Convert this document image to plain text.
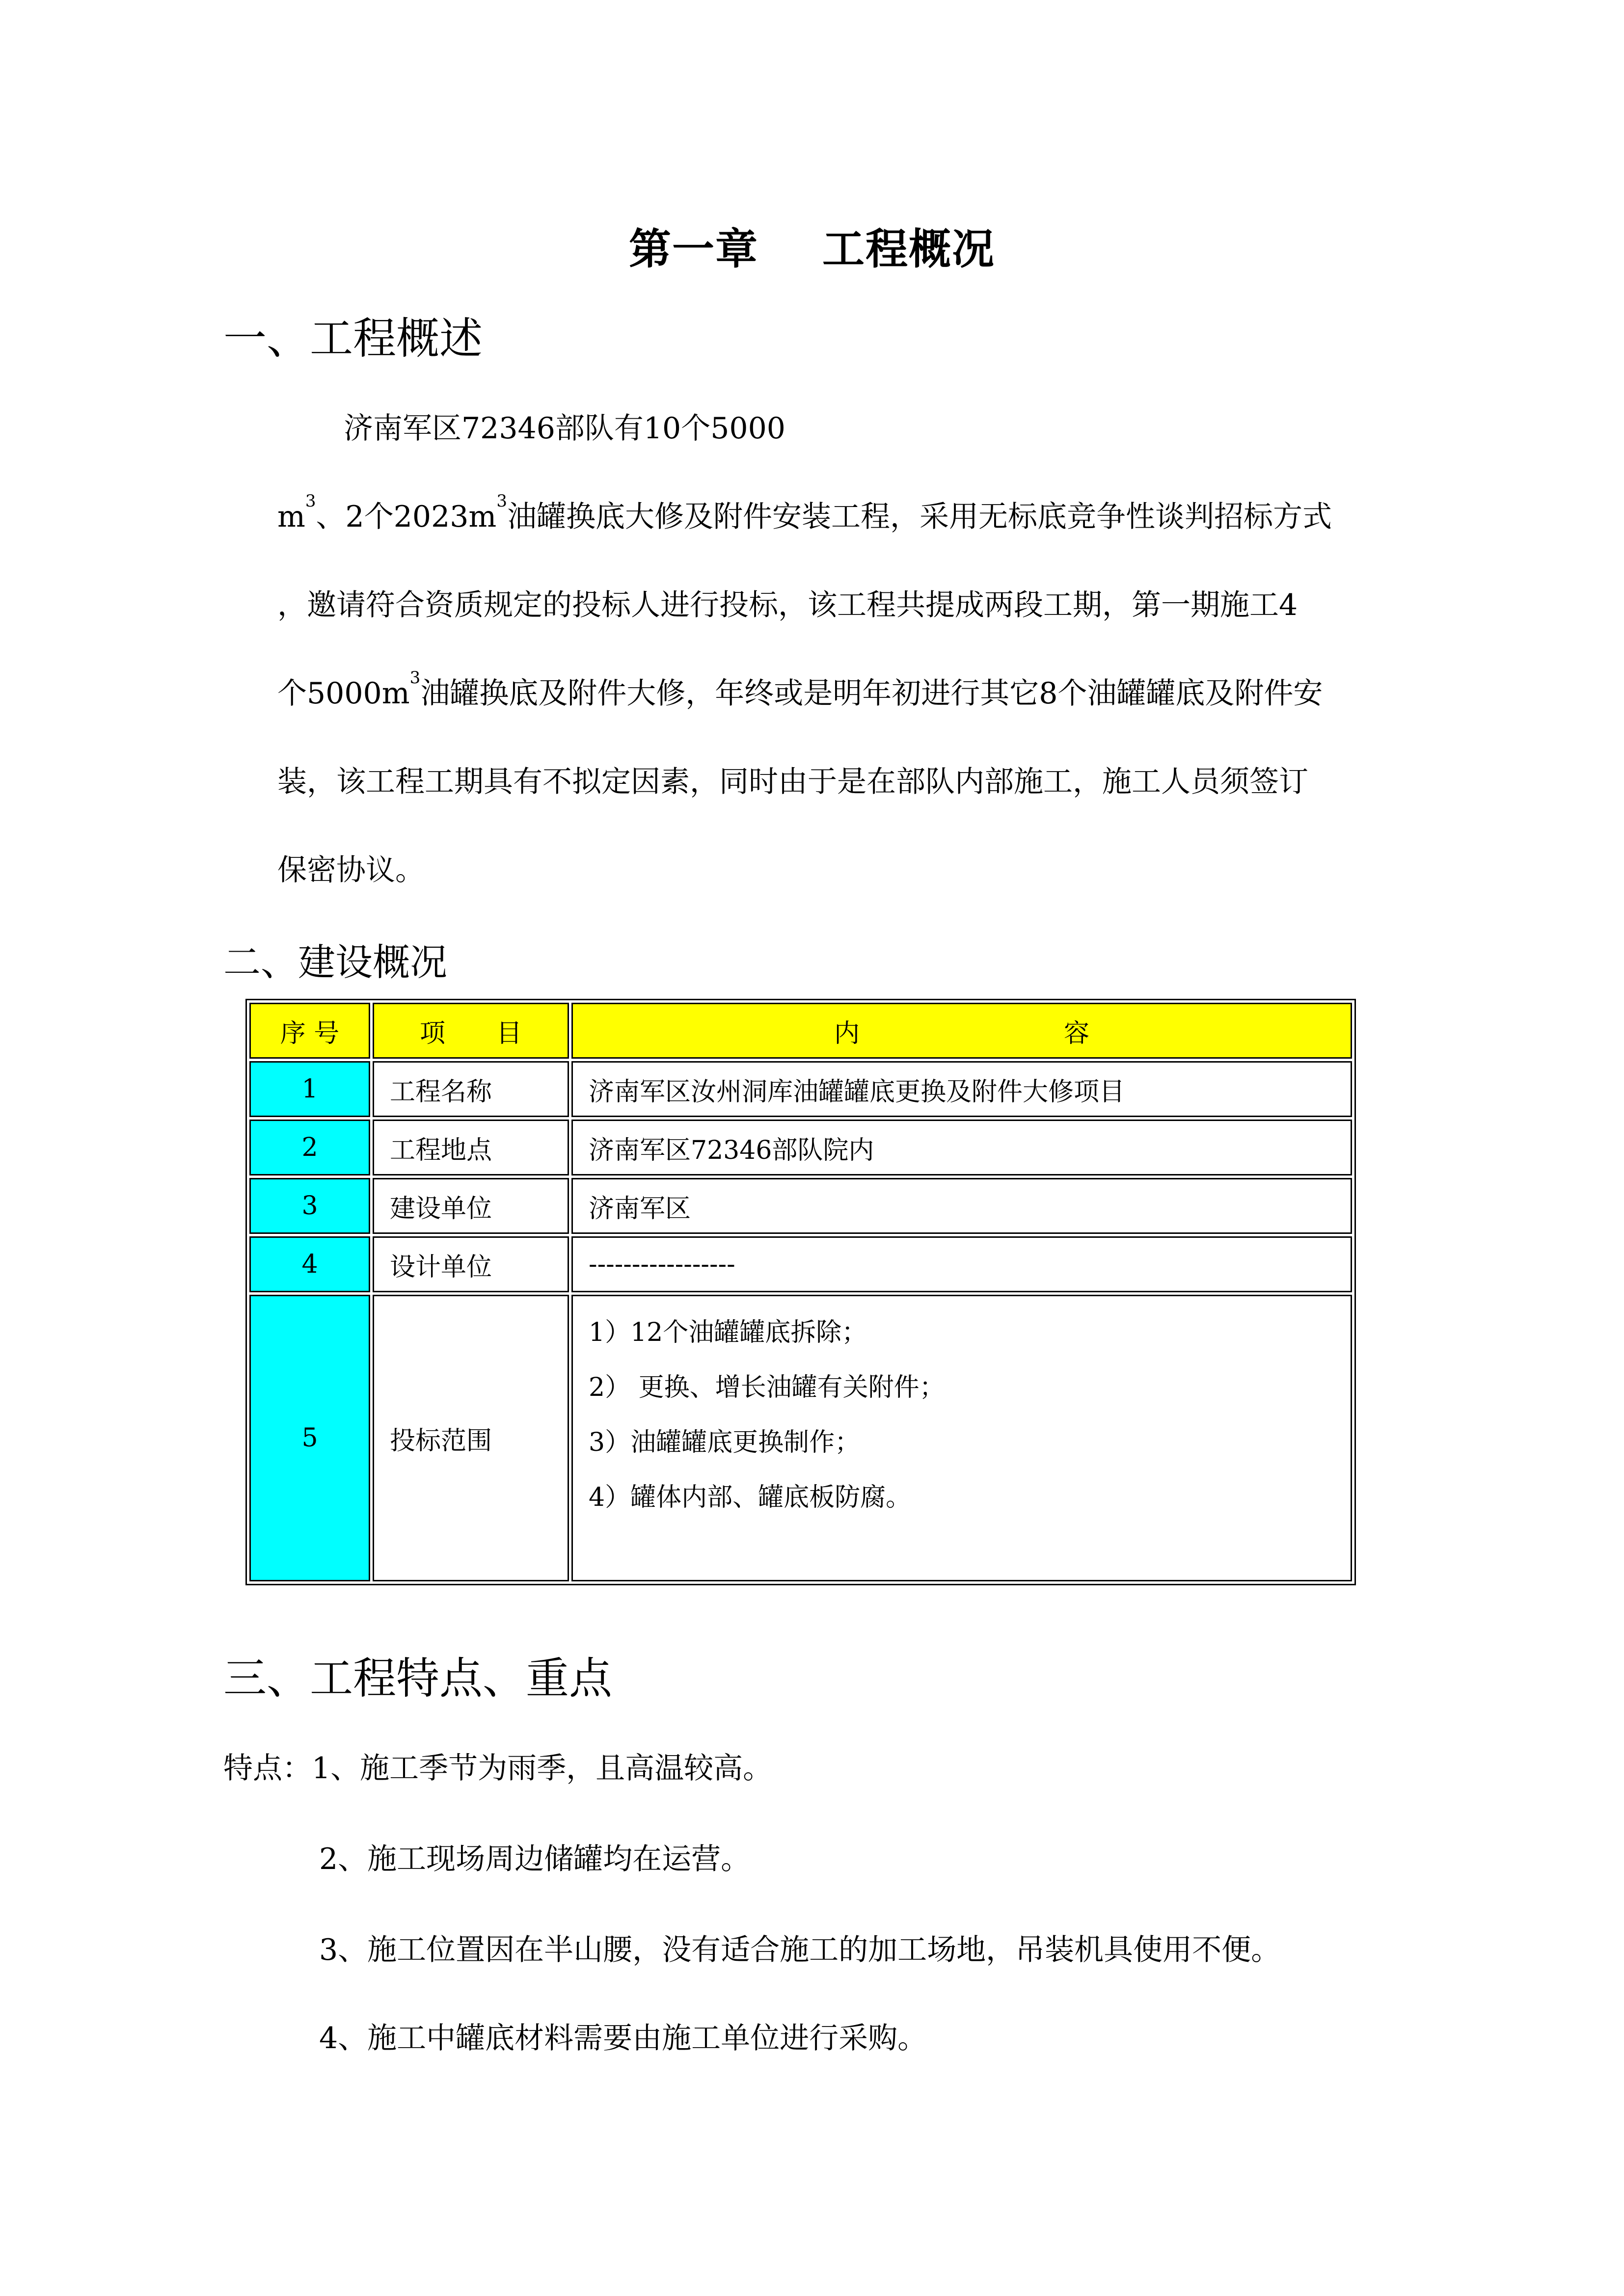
第一章 工程概况
一、工程概述
济南军区72346部队有10个5000
$m^3$、2个$2023m^3$油罐换底大修及附件安装工程，采用无标底竞争性谈判招标方式
，邀请符合资质规定的投标人进行投标，该工程共提成两段工期，第一期施工4
个$5000m^3$油罐换底及附件大修，年终或是明年初进行其它8个油罐罐底及附件安
装，该工程工期具有不拟定因素，同时由于是在部队内部施工，施工人员须签订
保密协议。
二、建设概况
序 号	项　　目	内　　　　　　　　容
1	工程名称	济南军区汝州洞库油罐罐底更换及附件大修项目
2	工程地点	济南军区72346部队院内
3	建设单位	济南军区
4	设计单位	-----------------
5	投标范围	1）12个油罐罐底拆除；
2） 更换、增长油罐有关附件；
3）油罐罐底更换制作；
4）罐体内部、罐底板防腐。
三、工程特点、重点
特点：1、施工季节为雨季，且高温较高。
2、施工现场周边储罐均在运营。
3、施工位置因在半山腰，没有适合施工的加工场地，吊装机具使用不便。
4、施工中罐底材料需要由施工单位进行采购。
